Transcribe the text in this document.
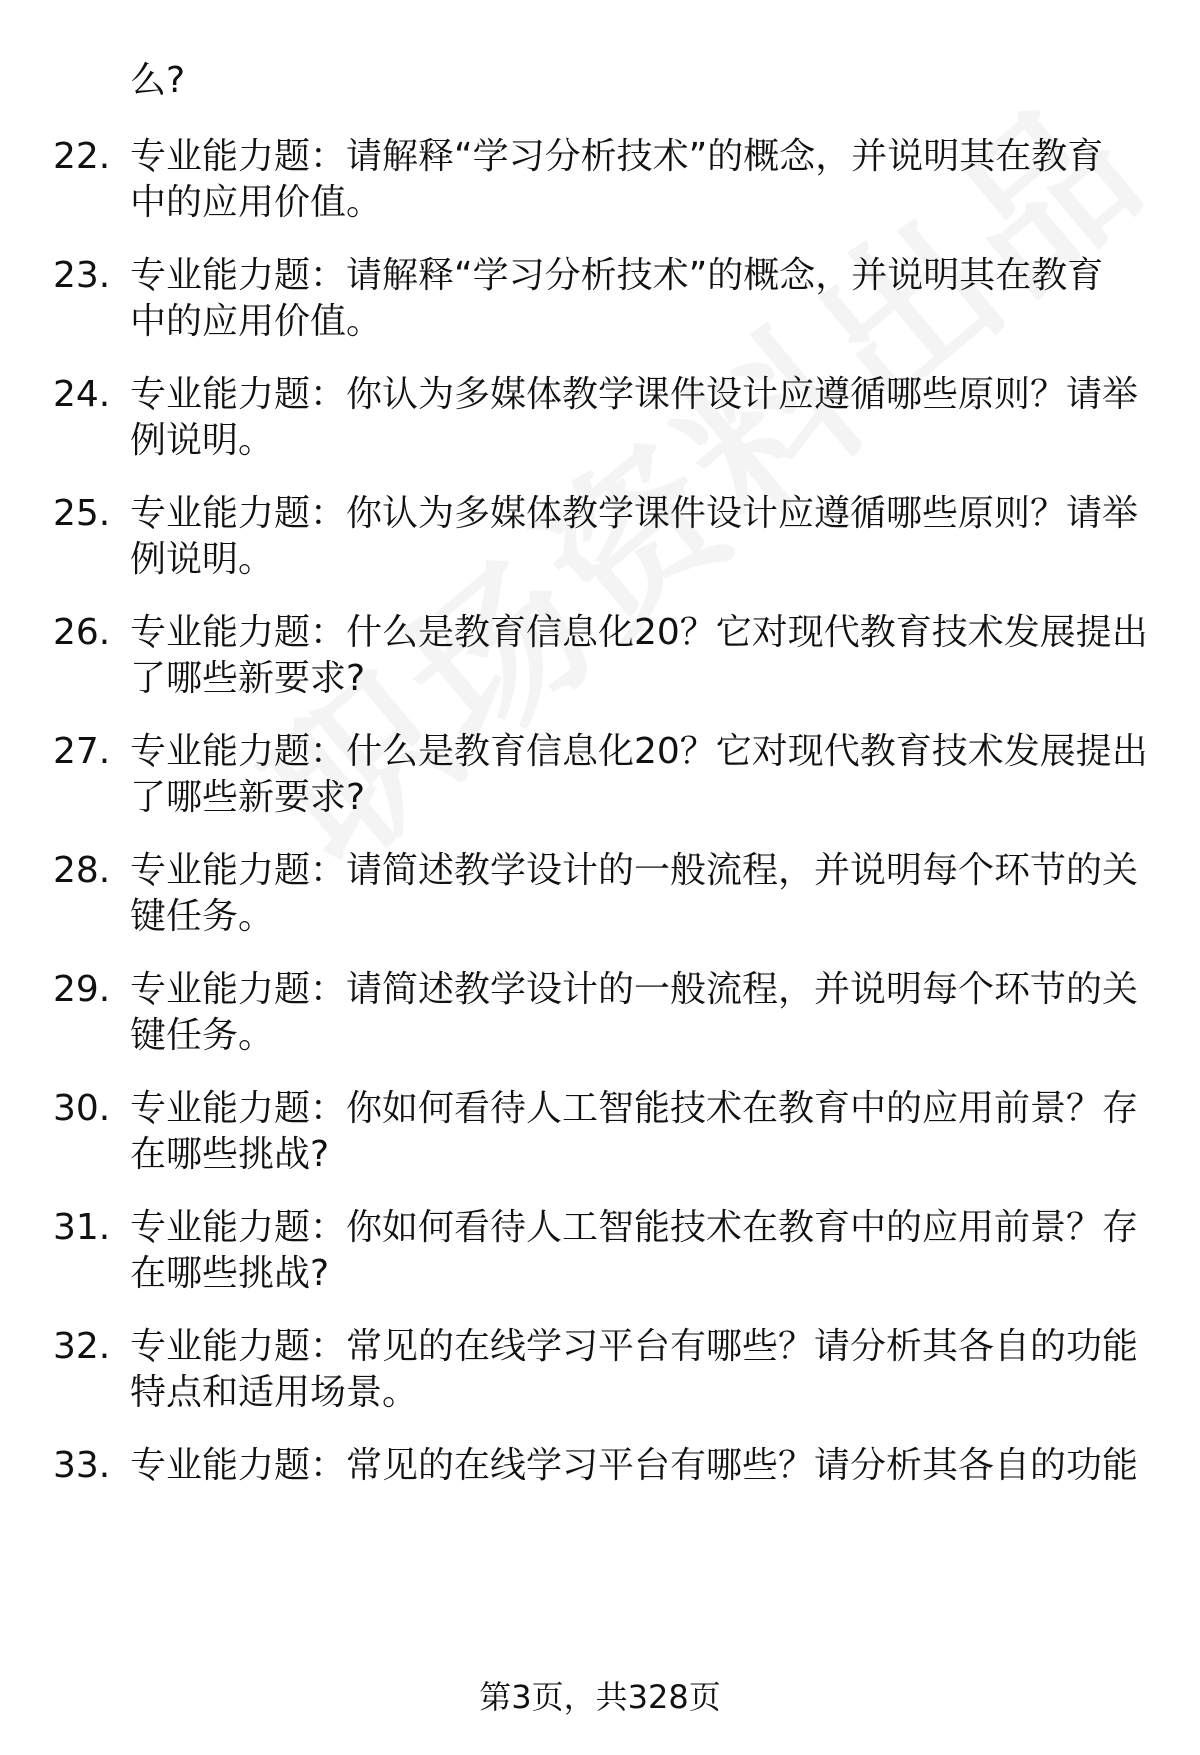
么?
22. 专业能力题：请解释“学习分析技术”的概念，并说明其在教育
中的应用价值。
23. 专业能力题：请解释“学习分析技术”的概念，并说明其在教育
中的应用价值。
24. 专业能力题：你认为多媒体教学课件设计应遵循哪些原则？请举
例说明。
25. 专业能力题：你认为多媒体教学课件设计应遵循哪些原则？请举
例说明。
26. 专业能力题：什么是教育信息化20？它对现代教育技术发展提出
了哪些新要求?
27. 专业能力题：什么是教育信息化20？它对现代教育技术发展提出
了哪些新要求?
28. 专业能力题：请简述教学设计的一般流程，并说明每个环节的关
键任务。
29. 专业能力题：请简述教学设计的一般流程，并说明每个环节的关
键任务。
30. 专业能力题：你如何看待人工智能技术在教育中的应用前景？存
在哪些挑战?
31. 专业能力题：你如何看待人工智能技术在教育中的应用前景？存
在哪些挑战?
32. 专业能力题：常见的在线学习平台有哪些？请分析其各自的功能
特点和适用场景。
33. 专业能力题：常见的在线学习平台有哪些？请分析其各自的功能
第3页，共328页
